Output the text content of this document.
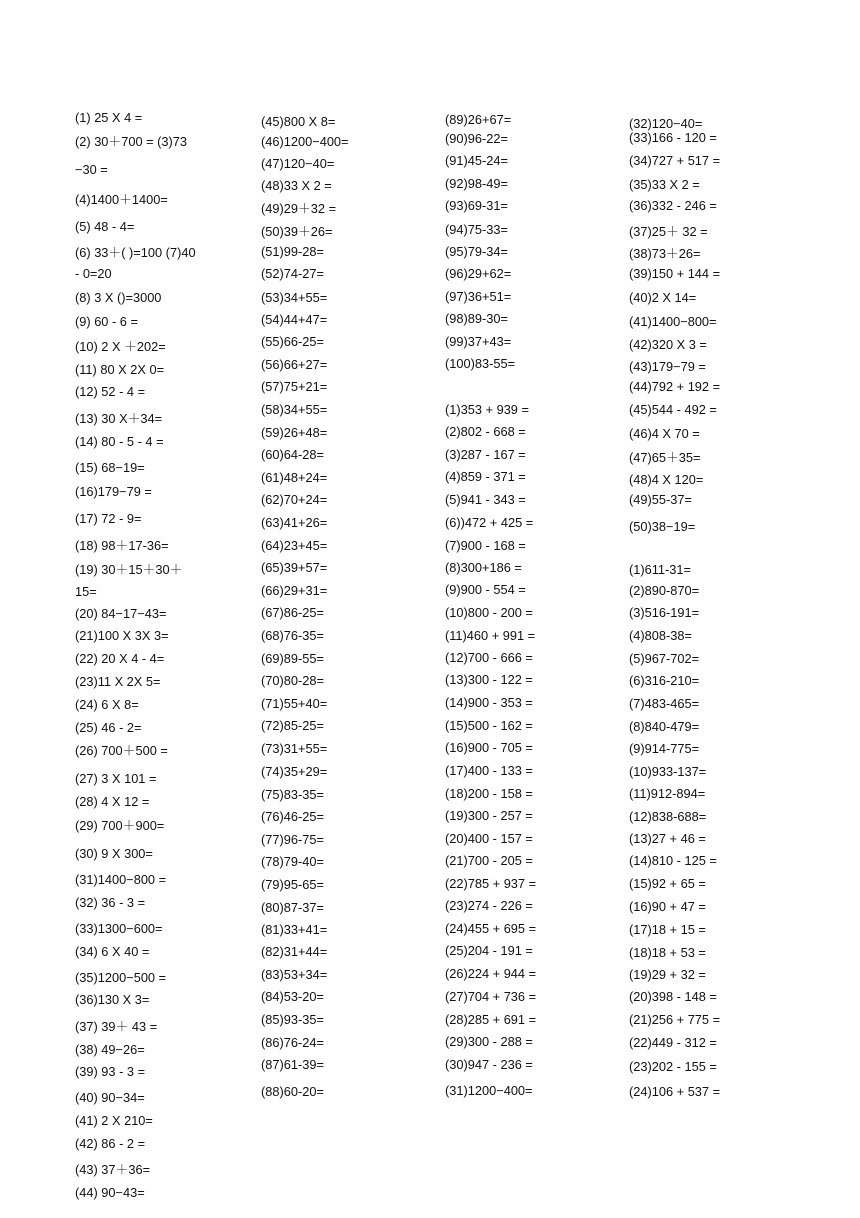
(1) 25 X 4 =
(2) 30＋700 = (3)73
−30 =
(4)1400＋1400=
(5) 48 - 4=
(6) 33＋( )=100 (7)40
- 0=20
(8) 3 X ()=3000
(9) 60 - 6 =
(10) 2 X ＋202=
(11) 80 X 2X 0=
(12) 52 - 4 =
(13) 30 X＋34=
(14) 80 - 5 - 4 =
(15) 68−19=
(16)179−79 =
(17) 72 - 9=
(18) 98＋17-36=
(19) 30＋15＋30＋
15=
(20) 84−17−43=
(21)100 X 3X 3=
(22) 20 X 4 - 4=
(23)11 X 2X 5=
(24) 6 X 8=
(25) 46 - 2=
(26) 700＋500 =
(27) 3 X 101 =
(28) 4 X 12 =
(29) 700＋900=
(30) 9 X 300=
(31)1400−800 =
(32) 36 - 3 =
(33)1300−600=
(34) 6 X 40 =
(35)1200−500 =
(36)130 X 3=
(37) 39＋ 43 =
(38) 49−26=
(39) 93 - 3 =
(40) 90−34=
(41) 2 X 210=
(42) 86 - 2 =
(43) 37＋36=
(44) 90−43=
(45)800 X 8=
(46)1200−400=
(47)120−40=
(48)33 X 2 =
(49)29＋32 =
(50)39＋26=
(51)99-28=
(52)74-27=
(53)34+55=
(54)44+47=
(55)66-25=
(56)66+27=
(57)75+21=
(58)34+55=
(59)26+48=
(60)64-28=
(61)48+24=
(62)70+24=
(63)41+26=
(64)23+45=
(65)39+57=
(66)29+31=
(67)86-25=
(68)76-35=
(69)89-55=
(70)80-28=
(71)55+40=
(72)85-25=
(73)31+55=
(74)35+29=
(75)83-35=
(76)46-25=
(77)96-75=
(78)79-40=
(79)95-65=
(80)87-37=
(81)33+41=
(82)31+44=
(83)53+34=
(84)53-20=
(85)93-35=
(86)76-24=
(87)61-39=
(88)60-20=
(89)26+67=
(90)96-22=
(91)45-24=
(92)98-49=
(93)69-31=
(94)75-33=
(95)79-34=
(96)29+62=
(97)36+51=
(98)89-30=
(99)37+43=
(100)83-55=
(1)353 + 939 =
(2)802 - 668 =
(3)287 - 167 =
(4)859 - 371 =
(5)941 - 343 =
(6))472 + 425 =
(7)900 - 168 =
(8)300+186 =
(9)900 - 554 =
(10)800 - 200 =
(11)460 + 991 =
(12)700 - 666 =
(13)300 - 122 =
(14)900 - 353 =
(15)500 - 162 =
(16)900 - 705 =
(17)400 - 133 =
(18)200 - 158 =
(19)300 - 257 =
(20)400 - 157 =
(21)700 - 205 =
(22)785 + 937 =
(23)274 - 226 =
(24)455 + 695 =
(25)204 - 191 =
(26)224 + 944 =
(27)704 + 736 =
(28)285 + 691 =
(29)300 - 288 =
(30)947 - 236 =
(31)1200−400=
(32)120−40=
(33)166 - 120 =
(34)727 + 517 =
(35)33 X 2 =
(36)332 - 246 =
(37)25＋ 32 =
(38)73＋26=
(39)150 + 144 =
(40)2 X 14=
(41)1400−800=
(42)320 X 3 =
(43)179−79 =
(44)792 + 192 =
(45)544 - 492 =
(46)4 X 70 =
(47)65＋35=
(48)4 X 120=
(49)55-37=
(50)38−19=
(1)611-31=
(2)890-870=
(3)516-191=
(4)808-38=
(5)967-702=
(6)316-210=
(7)483-465=
(8)840-479=
(9)914-775=
(10)933-137=
(11)912-894=
(12)838-688=
(13)27 + 46 =
(14)810 - 125 =
(15)92 + 65 =
(16)90 + 47 =
(17)18 + 15 =
(18)18 + 53 =
(19)29 + 32 =
(20)398 - 148 =
(21)256 + 775 =
(22)449 - 312 =
(23)202 - 155 =
(24)106 + 537 =
